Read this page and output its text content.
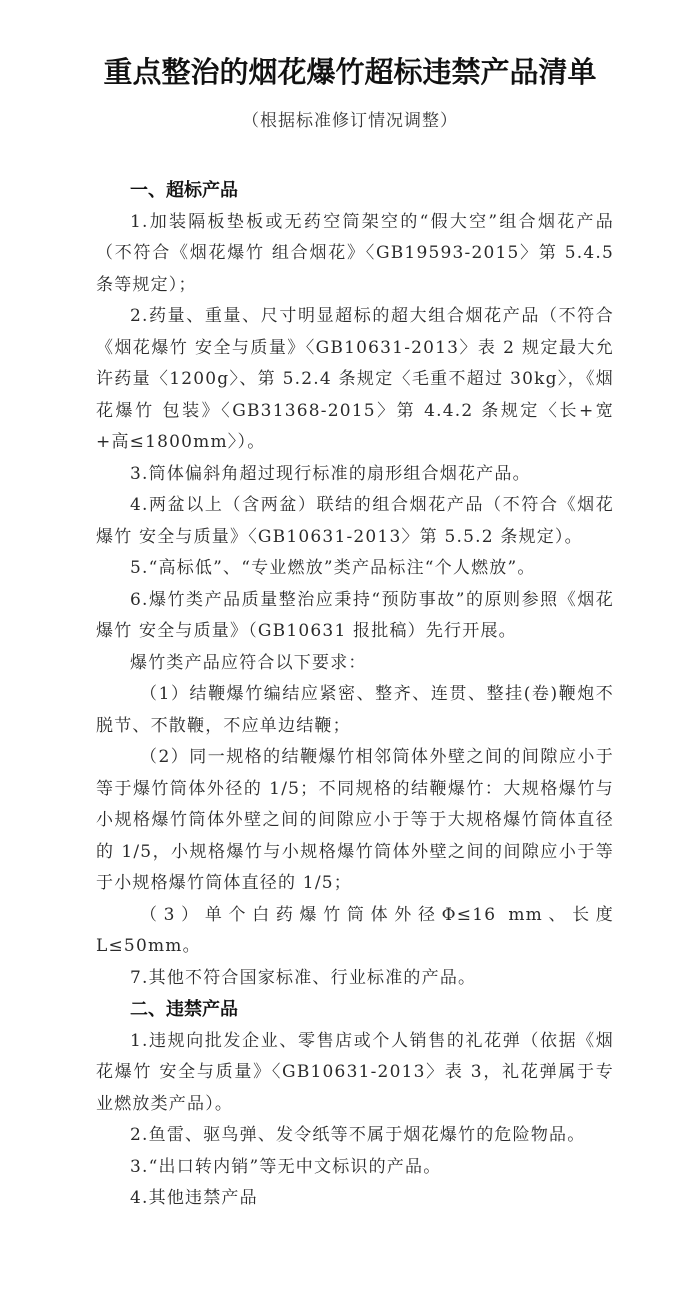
重点整治的烟花爆竹超标违禁产品清单
（根据标准修订情况调整）
一、超标产品

1.加装隔板垫板或无药空筒架空的“假大空”组合烟花产品（不符合《烟花爆竹 组合烟花》〈GB19593-2015〉第 5.4.5 条等规定）；

2.药量、重量、尺寸明显超标的超大组合烟花产品（不符合《烟花爆竹 安全与质量》〈GB10631-2013〉表 2 规定最大允许药量〈1200g〉、第 5.2.4 条规定〈毛重不超过 30kg〉，《烟花爆竹 包装》〈GB31368-2015〉第 4.4.2 条规定〈长+宽+高≤1800mm〉）。

3.筒体偏斜角超过现行标准的扇形组合烟花产品。

4.两盆以上（含两盆）联结的组合烟花产品（不符合《烟花爆竹 安全与质量》〈GB10631-2013〉第 5.5.2 条规定）。

5.“高标低”、“专业燃放”类产品标注“个人燃放”。

6.爆竹类产品质量整治应秉持“预防事故”的原则参照《烟花爆竹 安全与质量》（GB10631 报批稿）先行开展。

爆竹类产品应符合以下要求：

（1）结鞭爆竹编结应紧密、整齐、连贯、整挂(卷)鞭炮不脱节、不散鞭，不应单边结鞭；

（2）同一规格的结鞭爆竹相邻筒体外壁之间的间隙应小于等于爆竹筒体外径的 1/5；不同规格的结鞭爆竹：大规格爆竹与小规格爆竹筒体外壁之间的间隙应小于等于大规格爆竹筒体直径的 1/5，小规格爆竹与小规格爆竹筒体外壁之间的间隙应小于等于小规格爆竹筒体直径的 1/5；

（3）单个白药爆竹筒体外径Φ≤16 mm、长度 L≤50mm。

7.其他不符合国家标准、行业标准的产品。

二、违禁产品

1.违规向批发企业、零售店或个人销售的礼花弹（依据《烟花爆竹 安全与质量》〈GB10631-2013〉表 3，礼花弹属于专业燃放类产品）。

2.鱼雷、驱鸟弹、发令纸等不属于烟花爆竹的危险物品。

3.“出口转内销”等无中文标识的产品。

4.其他违禁产品
